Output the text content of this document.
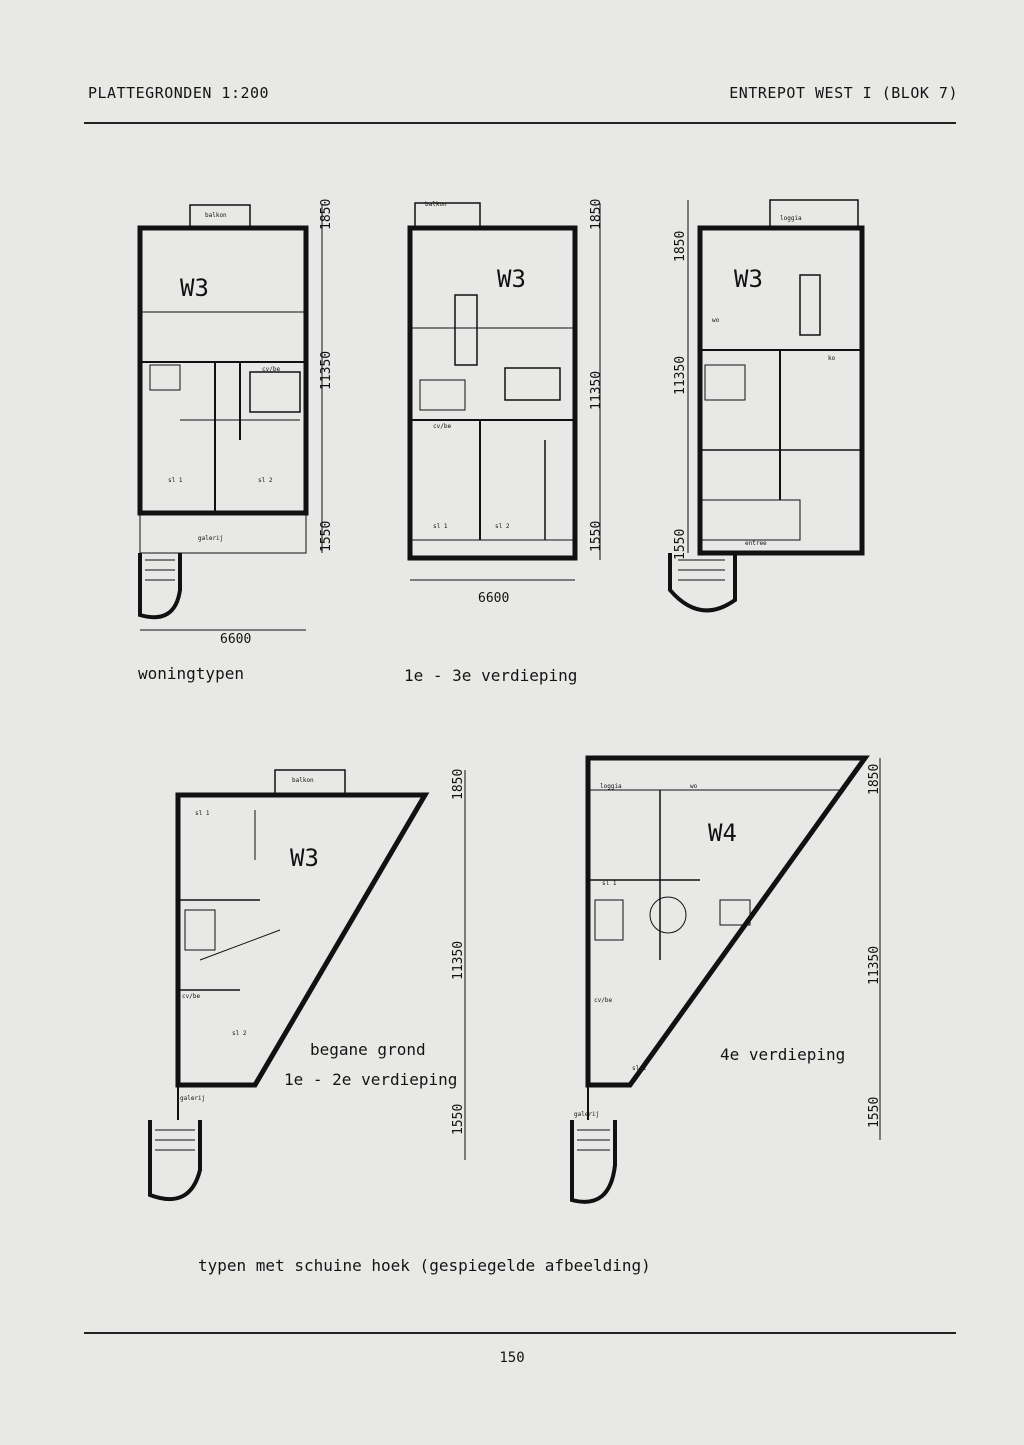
PLATTEGRONDEN 1:200	ENTREPOT WEST I (BLOK 7)
W3
1850
11350
1550
6600
balkon
sl 1	sl 2
cv/be
galerij
W3
1850
11350
1550
6600
balkon
sl 1	sl 2
cv/be
W3
1850
11350
1550
loggia
wo
ko
entree
W3
1850
11350
1550
balkon
sl 1
sl 2
cv/be
galerij
W4
1850
11350
1550
loggia	wo
sl 1
sl 2
cv/be
galerij
woningtypen	1e - 3e verdieping
begane grond
1e - 2e verdieping
4e verdieping
typen met schuine hoek (gespiegelde afbeelding)
150
